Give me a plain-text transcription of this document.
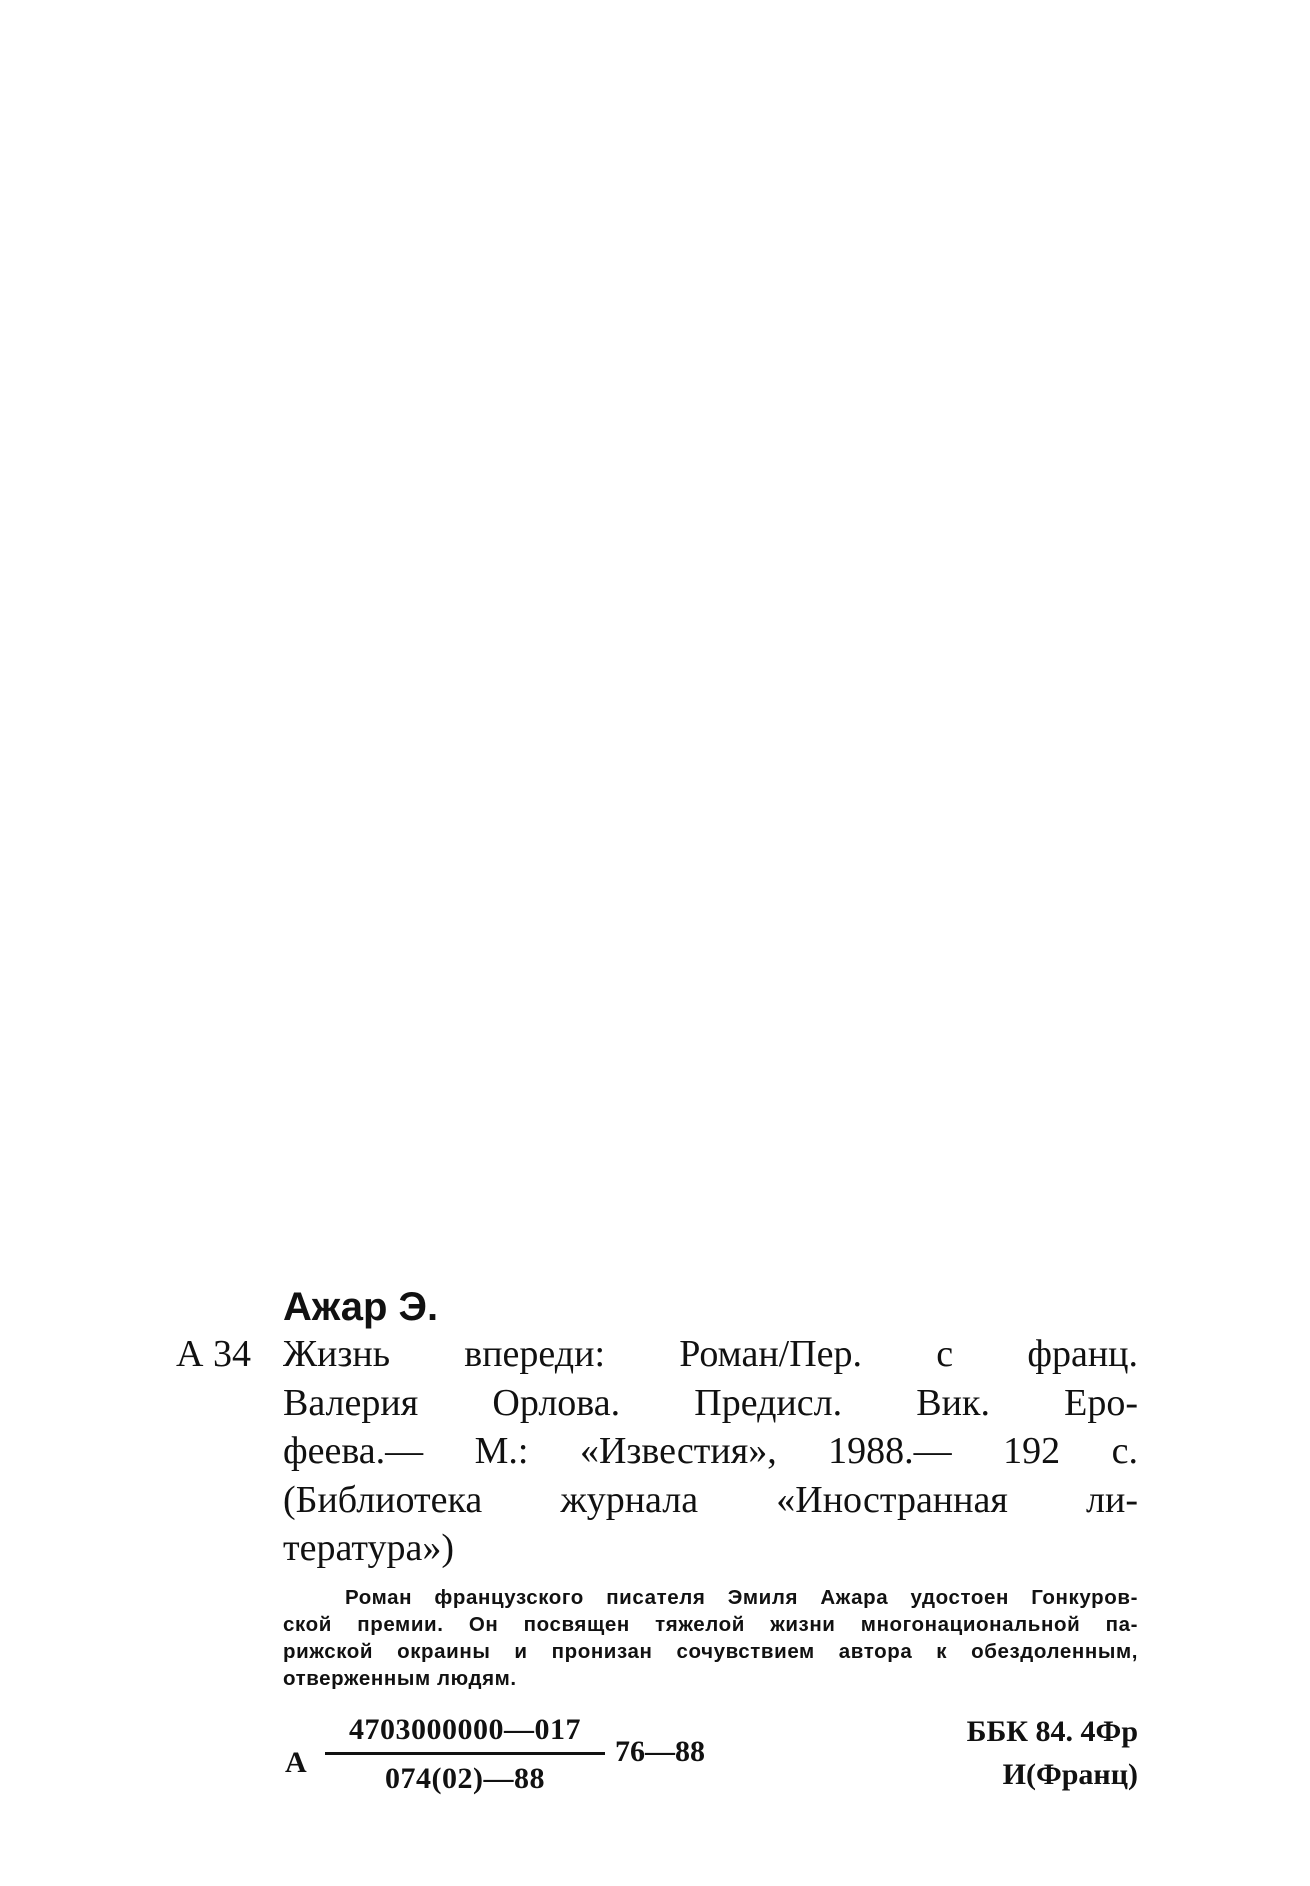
Ажар Э.
А 34 Жизнь впереди: Роман/Пер. с франц.
Валерия Орлова. Предисл. Вик. Еро-
феева.— М.: «Известия», 1988.— 192 с.
(Библиотека журнала «Иностранная ли-
тература»)
Роман французского писателя Эмиля Ажара удостоен Гонкуров-
ской премии. Он посвящен тяжелой жизни многонациональной па-
рижской окраины и пронизан сочувствием автора к обездоленным,
отверженным людям.
А
4703000000—017
074(02)—88
76—88
ББК 84. 4Фр
И(Франц)
